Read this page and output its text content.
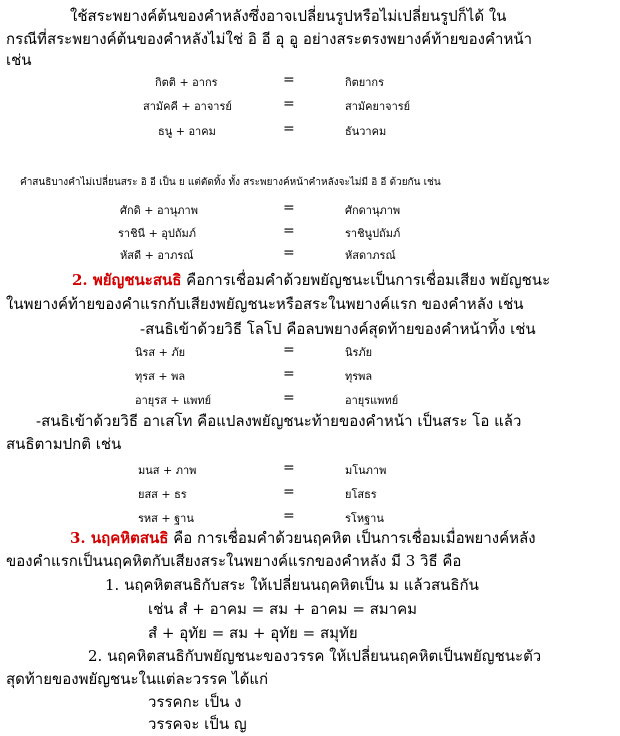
ใช้สระพยางค์ต้นของคำหลังซึ่งอาจเปลี่ยนรูปหรือไม่เปลี่ยนรูปก็ได้ ใน
กรณีที่สระพยางค์ต้นของคำหลังไม่ใช่ อิ อี อุ อู อย่างสระตรงพยางค์ท้ายของคำหน้า
เช่น
กิตติ + อากร	=	กิตยากร
สามัคคี + อาจารย์	=	สามัคยาจารย์
ธนู + อาคม	=	ธันวาคม
คำสนธิบางคำไม่เปลี่ยนสระ อิ อี เป็น ย แต่ตัดทิ้ง ทั้ง สระพยางค์หน้าคำหลังจะไม่มี อิ อี ด้วยกัน เช่น
ศักดิ + อานุภาพ	=	ศักดานุภาพ
ราชินี + อุปถัมภ์	=	ราชินูปถัมภ์
หัสดี + อาภรณ์	=	หัสดาภรณ์
2. พยัญชนะสนธิ คือการเชื่อมคำด้วยพยัญชนะเป็นการเชื่อมเสียง พยัญชนะ
ในพยางค์ท้ายของคำแรกกับเสียงพยัญชนะหรือสระในพยางค์แรก ของคำหลัง เช่น
-สนธิเข้าด้วยวิธี โลโป คือลบพยางค์สุดท้ายของคำหน้าทิ้ง เช่น
นิรส + ภัย	=	นิรภัย
ทุรส + พล	=	ทุรพล
อายุรส + แพทย์	=	อายุรแพทย์
-สนธิเข้าด้วยวิธี อาเสโท คือแปลงพยัญชนะท้ายของคำหน้า เป็นสระ โอ แล้ว
สนธิตามปกติ เช่น
มนส + ภาพ	=	มโนภาพ
ยสส + ธร	=	ยโสธร
รหส + ฐาน	=	รโหฐาน
3. นฤคหิตสนธิ คือ การเชื่อมคำด้วยนฤคหิต เป็นการเชื่อมเมื่อพยางค์หลัง
ของคำแรกเป็นนฤคหิตกับเสียงสระในพยางค์แรกของคำหลัง มี 3 วิธี คือ
1. นฤคหิตสนธิกับสระ ให้เปลี่ยนนฤคหิตเป็น ม แล้วสนธิกัน
เช่น สํ + อาคม = สม + อาคม = สมาคม
สํ + อุทัย = สม + อุทัย = สมุทัย
2. นฤคหิตสนธิกับพยัญชนะของวรรค ให้เปลี่ยนนฤคหิตเป็นพยัญชนะตัว
สุดท้ายของพยัญชนะในแต่ละวรรค ได้แก่
วรรคกะ เป็น ง
วรรคจะ เป็น ญ
